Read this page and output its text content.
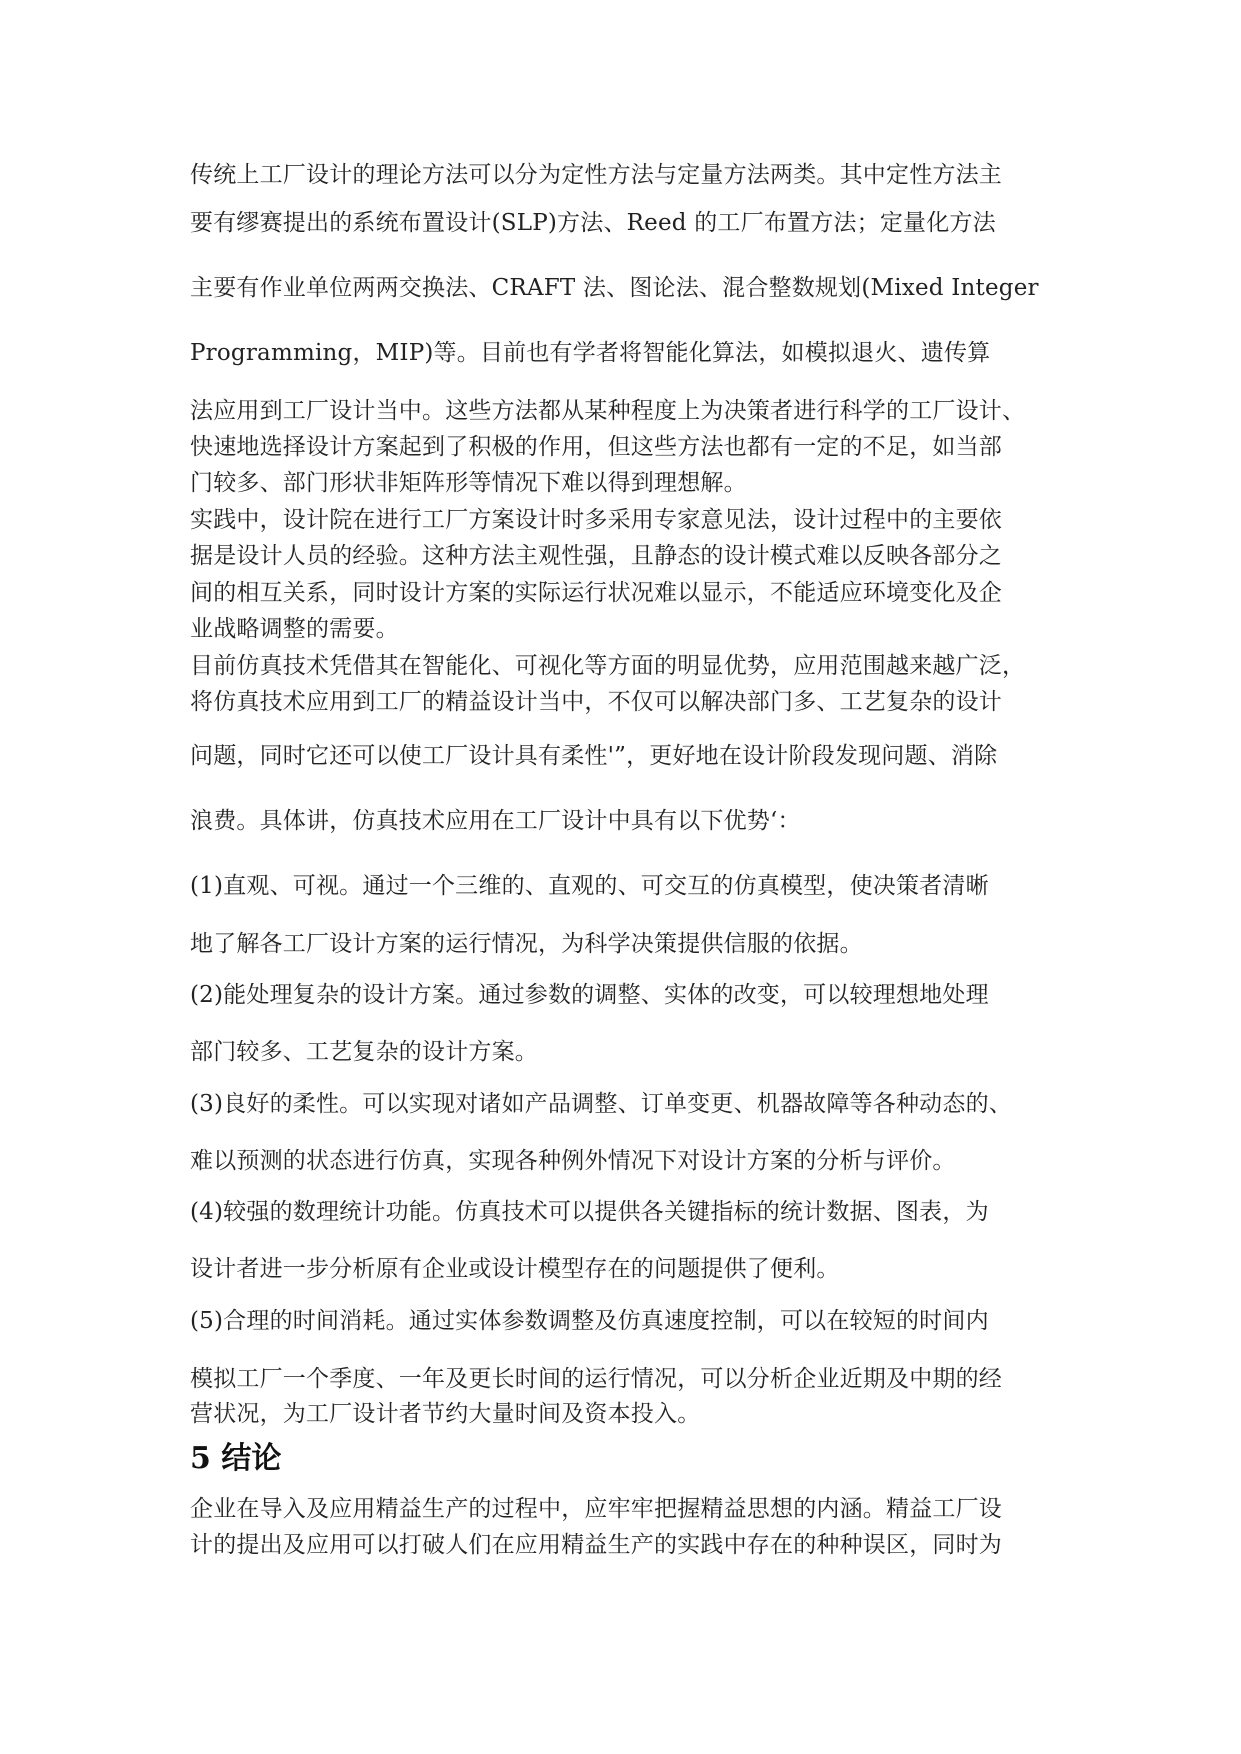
传统上工厂设计的理论方法可以分为定性方法与定量方法两类。其中定性方法主
要有缪赛提出的系统布置设计(SLP)方法、Reed 的工厂布置方法；定量化方法
主要有作业单位两两交换法、CRAFT 法、图论法、混合整数规划(Mixed Integer
Programming，MIP)等。目前也有学者将智能化算法，如模拟退火、遗传算
法应用到工厂设计当中。这些方法都从某种程度上为决策者进行科学的工厂设计、
快速地选择设计方案起到了积极的作用，但这些方法也都有一定的不足，如当部
门较多、部门形状非矩阵形等情况下难以得到理想解。
实践中，设计院在进行工厂方案设计时多采用专家意见法，设计过程中的主要依
据是设计人员的经验。这种方法主观性强，且静态的设计模式难以反映各部分之
间的相互关系，同时设计方案的实际运行状况难以显示，不能适应环境变化及企
业战略调整的需要。
目前仿真技术凭借其在智能化、可视化等方面的明显优势，应用范围越来越广泛，
将仿真技术应用到工厂的精益设计当中，不仅可以解决部门多、工艺复杂的设计
问题，同时它还可以使工厂设计具有柔性'”，更好地在设计阶段发现问题、消除
浪费。具体讲，仿真技术应用在工厂设计中具有以下优势‘：
(1)直观、可视。通过一个三维的、直观的、可交互的仿真模型，使决策者清晰
地了解各工厂设计方案的运行情况，为科学决策提供信服的依据。
(2)能处理复杂的设计方案。通过参数的调整、实体的改变，可以较理想地处理
部门较多、工艺复杂的设计方案。
(3)良好的柔性。可以实现对诸如产品调整、订单变更、机器故障等各种动态的、
难以预测的状态进行仿真，实现各种例外情况下对设计方案的分析与评价。
(4)较强的数理统计功能。仿真技术可以提供各关键指标的统计数据、图表，为
设计者进一步分析原有企业或设计模型存在的问题提供了便利。
(5)合理的时间消耗。通过实体参数调整及仿真速度控制，可以在较短的时间内
模拟工厂一个季度、一年及更长时间的运行情况，可以分析企业近期及中期的经
营状况，为工厂设计者节约大量时间及资本投入。
5 结论
企业在导入及应用精益生产的过程中，应牢牢把握精益思想的内涵。精益工厂设
计的提出及应用可以打破人们在应用精益生产的实践中存在的种种误区，同时为
